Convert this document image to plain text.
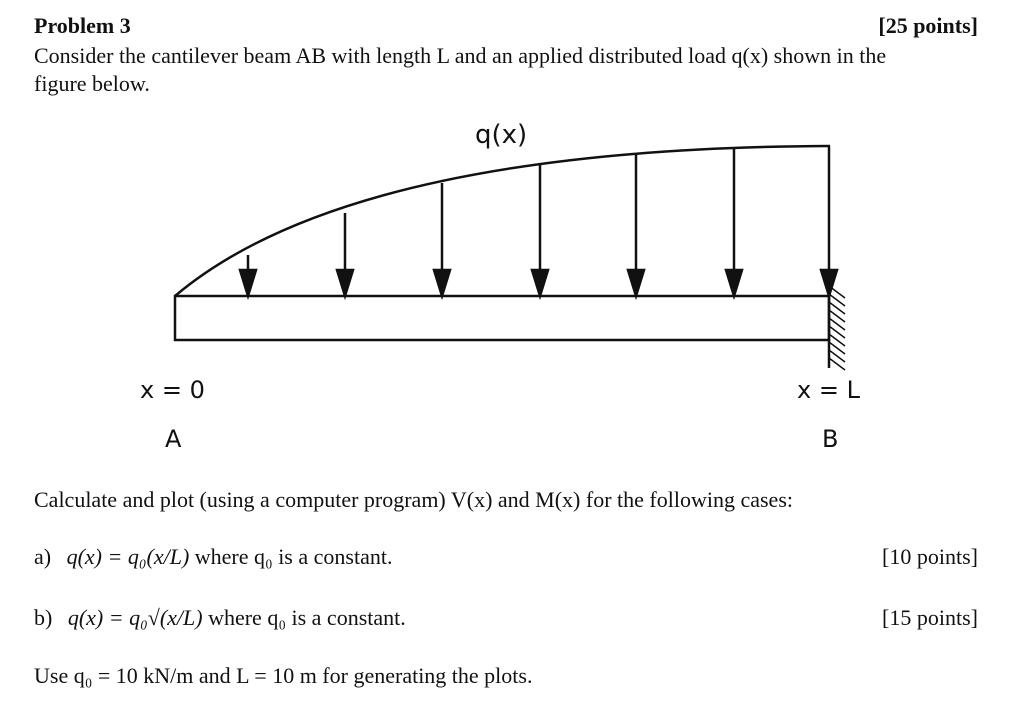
Problem 3	[25 points]
Consider the cantilever beam AB with length L and an applied distributed load q(x) shown in the
figure below.
q(x)
x = 0	x = L
A	B
Calculate and plot (using a computer program) V(x) and M(x) for the following cases:
a) q(x) = q₀(x/L) where q₀ is a constant.	[10 points]
b) q(x) = q₀√(x/L) where q₀ is a constant.	[15 points]
Use q₀ = 10 kN/m and L = 10 m for generating the plots.
